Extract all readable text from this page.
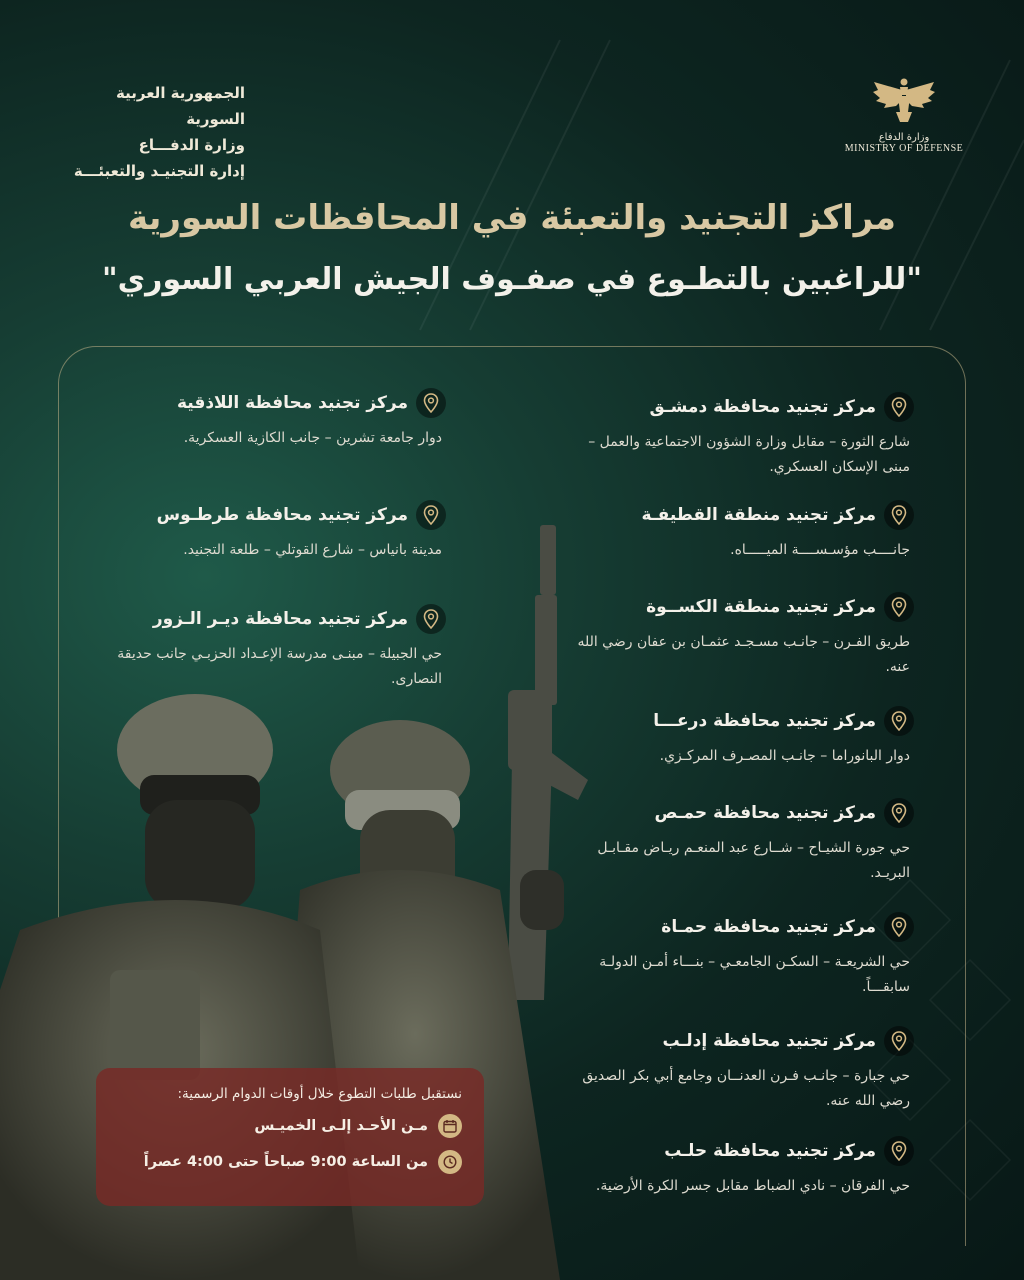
الجمهورية العربية السورية
وزارة الدفـــاع
إدارة التجنيـد والتعبئـــة
وزارة الدفاع
MINISTRY OF DEFENSE
مراكز التجنيد والتعبئة في المحافظات السورية
"للراغبين بالتطـوع في صفـوف الجيش العربي السوري"
مركز تجنيد محافظة دمشـق

شارع الثورة – مقابل وزارة الشؤون الاجتماعية والعمل – مبنى الإسكان العسكري.

مركز تجنيد منطقة القطيفـة

جانــــب مؤسـســــة الميـــــاه.

مركز تجنيد منطقة الكســوة

طريق الفـرن – جانـب مسـجـد عثمـان بن عفان رضي الله عنه.

مركز تجنيد محافظة درعـــا

دوار البانوراما – جانـب المصـرف المركـزي.

مركز تجنيد محافظة حمـص

حي جورة الشيـاح – شــارع عبد المنعـم ريـاض مقـابـل البريـد.

مركز تجنيد محافظة حمـاة

حي الشريعـة – السكـن الجامعـي – بنـــاء أمـن الدولـة سابقـــاً.

مركز تجنيد محافظة إدلـب

حي جبارة – جانـب فـرن العدنــان وجامع أبي بكر الصديق رضي الله عنه.

مركز تجنيد محافظة حلـب

حي الفرقان – نادي الضباط مقابل جسر الكرة الأرضية.

مركز تجنيد محافظة اللاذقية

دوار جامعة تشرين – جانب الكازية العسكرية.

مركز تجنيد محافظة طرطـوس

مدينة بانياس – شارع القوتلي – طلعة التجنيد.

مركز تجنيد محافظة ديـر الـزور

حي الجبيلة – مبنـى مدرسة الإعـداد الحزبـي جانب حديقة النصارى.

نستقبل طلبات التطوع خلال أوقات الدوام الرسمية:
مـن الأحـد إلـى الخميـس
من الساعة 9:00 صباحاً حتى 4:00 عصراً
